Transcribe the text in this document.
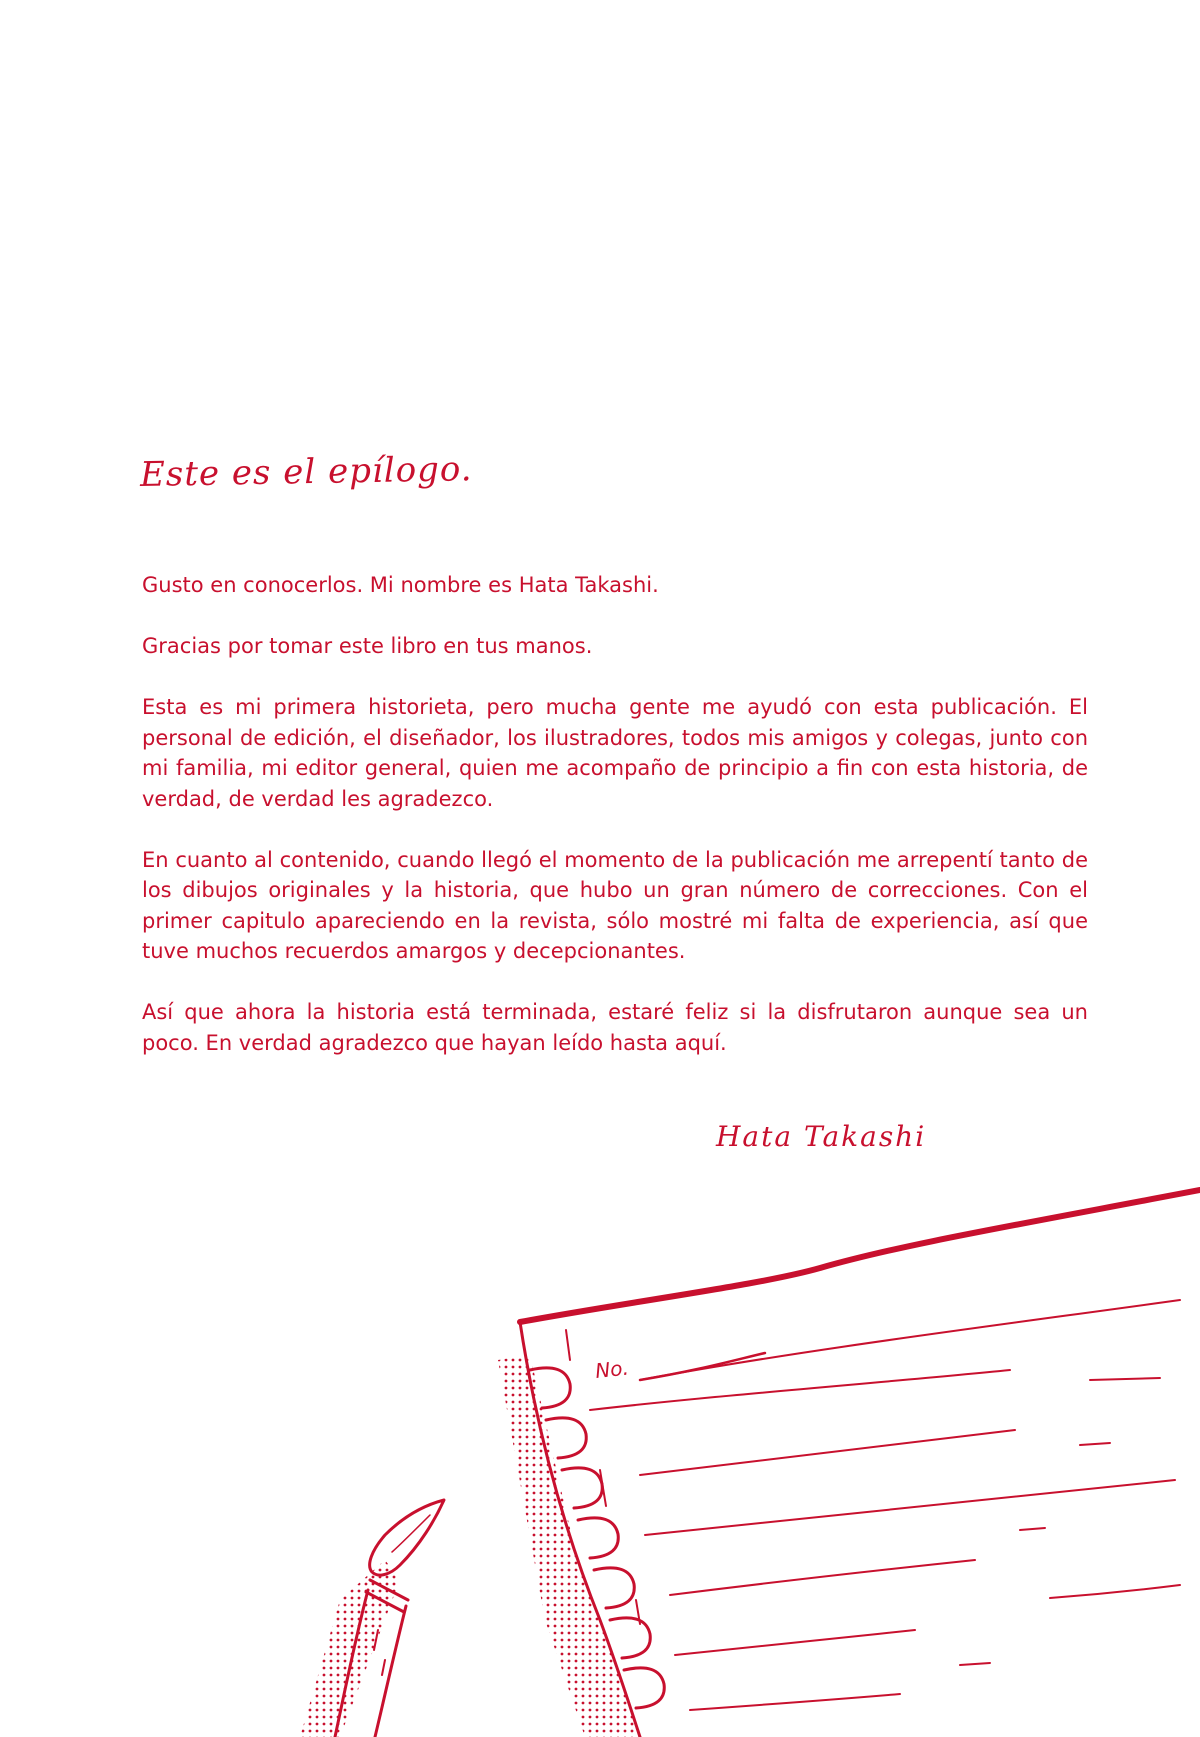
Este es el epílogo.

Gusto en conocerlos. Mi nombre es Hata Takashi.

Gracias por tomar este libro en tus manos.

Esta es mi primera historieta, pero mucha gente me ayudó con esta publicación. El personal de edición, el diseñador, los ilustradores, todos mis amigos y colegas, junto con mi familia, mi editor general, quien me acompaño de principio a fin con esta historia, de verdad, de verdad les agradezco.

En cuanto al contenido, cuando llegó el momento de la publicación me arrepentí tanto de los dibujos originales y la historia, que hubo un gran número de correcciones. Con el primer capitulo apareciendo en la revista, sólo mostré mi falta de experiencia, así que tuve muchos recuerdos amargos y decepcionantes.

Así que ahora la historia está terminada, estaré feliz si la disfrutaron aunque sea un poco. En verdad agradezco que hayan leído hasta aquí.

Hata Takashi
No.
